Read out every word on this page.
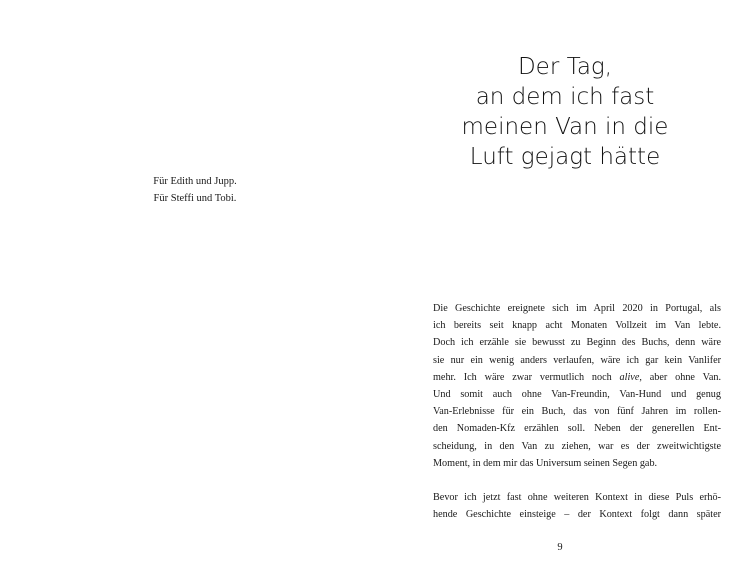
Für Edith und Jupp.
Für Steffi und Tobi.
Der Tag,
an dem ich fast
meinen Van in die
Luft gejagt hätte
Die Geschichte ereignete sich im April 2020 in Portugal, als
ich bereits seit knapp acht Monaten Vollzeit im Van lebte.
Doch ich erzähle sie bewusst zu Beginn des Buchs, denn wäre
sie nur ein wenig anders verlaufen, wäre ich gar kein Vanlifer
mehr. Ich wäre zwar vermutlich noch alive, aber ohne Van.
Und somit auch ohne Van-Freundin, Van-Hund und genug
Van-Erlebnisse für ein Buch, das von fünf Jahren im rollen-
den Nomaden-Kfz erzählen soll. Neben der generellen Ent-
scheidung, in den Van zu ziehen, war es der zweitwichtigste
Moment, in dem mir das Universum seinen Segen gab.
Bevor ich jetzt fast ohne weiteren Kontext in diese Puls erhö-
hende Geschichte einsteige – der Kontext folgt dann später
9
